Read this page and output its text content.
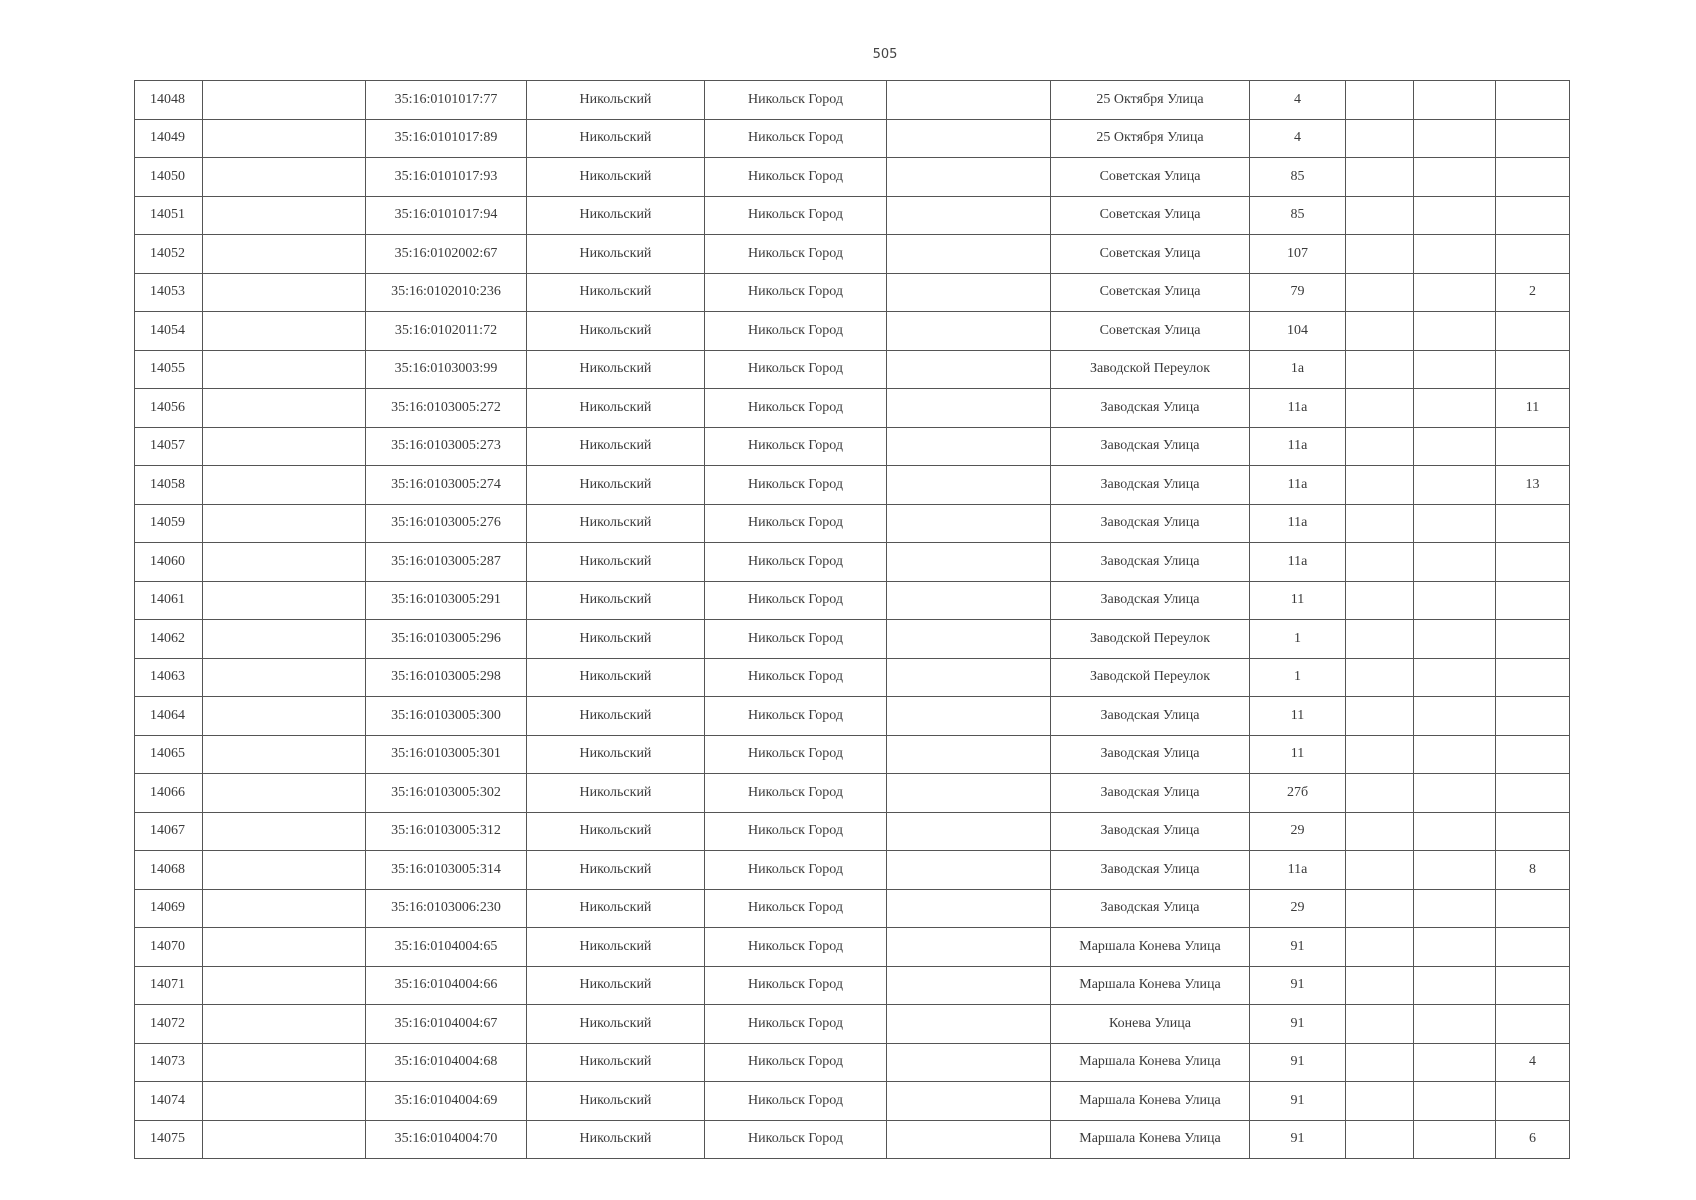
505
14048		35:16:0101017:77	Никольский	Никольск Город		25 Октября Улица	4			
14049		35:16:0101017:89	Никольский	Никольск Город		25 Октября Улица	4			
14050		35:16:0101017:93	Никольский	Никольск Город		Советская Улица	85			
14051		35:16:0101017:94	Никольский	Никольск Город		Советская Улица	85			
14052		35:16:0102002:67	Никольский	Никольск Город		Советская Улица	107			
14053		35:16:0102010:236	Никольский	Никольск Город		Советская Улица	79			2
14054		35:16:0102011:72	Никольский	Никольск Город		Советская Улица	104			
14055		35:16:0103003:99	Никольский	Никольск Город		Заводской Переулок	1а			
14056		35:16:0103005:272	Никольский	Никольск Город		Заводская Улица	11а			11
14057		35:16:0103005:273	Никольский	Никольск Город		Заводская Улица	11а			
14058		35:16:0103005:274	Никольский	Никольск Город		Заводская Улица	11а			13
14059		35:16:0103005:276	Никольский	Никольск Город		Заводская Улица	11а			
14060		35:16:0103005:287	Никольский	Никольск Город		Заводская Улица	11а			
14061		35:16:0103005:291	Никольский	Никольск Город		Заводская Улица	11			
14062		35:16:0103005:296	Никольский	Никольск Город		Заводской Переулок	1			
14063		35:16:0103005:298	Никольский	Никольск Город		Заводской Переулок	1			
14064		35:16:0103005:300	Никольский	Никольск Город		Заводская Улица	11			
14065		35:16:0103005:301	Никольский	Никольск Город		Заводская Улица	11			
14066		35:16:0103005:302	Никольский	Никольск Город		Заводская Улица	27б			
14067		35:16:0103005:312	Никольский	Никольск Город		Заводская Улица	29			
14068		35:16:0103005:314	Никольский	Никольск Город		Заводская Улица	11а			8
14069		35:16:0103006:230	Никольский	Никольск Город		Заводская Улица	29			
14070		35:16:0104004:65	Никольский	Никольск Город		Маршала Конева Улица	91			
14071		35:16:0104004:66	Никольский	Никольск Город		Маршала Конева Улица	91			
14072		35:16:0104004:67	Никольский	Никольск Город		Конева Улица	91			
14073		35:16:0104004:68	Никольский	Никольск Город		Маршала Конева Улица	91			4
14074		35:16:0104004:69	Никольский	Никольск Город		Маршала Конева Улица	91			
14075		35:16:0104004:70	Никольский	Никольск Город		Маршала Конева Улица	91			6
